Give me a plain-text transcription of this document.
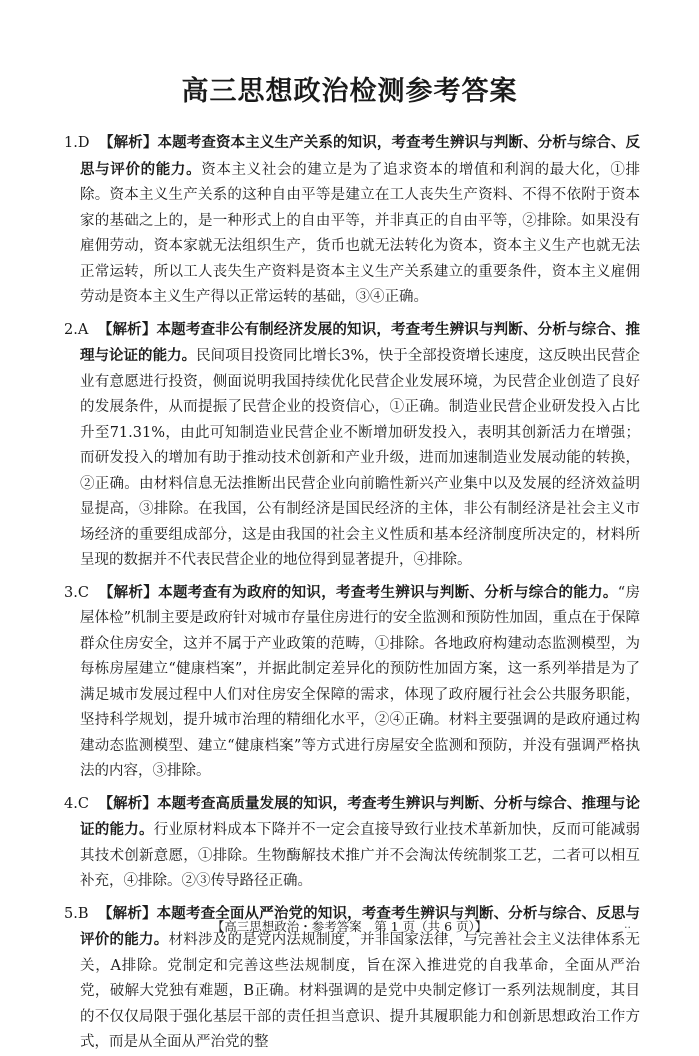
高三思想政治检测参考答案

1.D 【解析】本题考查资本主义生产关系的知识，考查考生辨识与判断、分析与综合、反思与评价的能力。资本主义社会的建立是为了追求资本的增值和利润的最大化，①排除。资本主义生产关系的这种自由平等是建立在工人丧失生产资料、不得不依附于资本家的基础之上的，是一种形式上的自由平等，并非真正的自由平等，②排除。如果没有雇佣劳动，资本家就无法组织生产，货币也就无法转化为资本，资本主义生产也就无法正常运转，所以工人丧失生产资料是资本主义生产关系建立的重要条件，资本主义雇佣劳动是资本主义生产得以正常运转的基础，③④正确。

2.A 【解析】本题考查非公有制经济发展的知识，考查考生辨识与判断、分析与综合、推理与论证的能力。民间项目投资同比增长3%，快于全部投资增长速度，这反映出民营企业有意愿进行投资，侧面说明我国持续优化民营企业发展环境，为民营企业创造了良好的发展条件，从而提振了民营企业的投资信心，①正确。制造业民营企业研发投入占比升至71.31%，由此可知制造业民营企业不断增加研发投入，表明其创新活力在增强；而研发投入的增加有助于推动技术创新和产业升级，进而加速制造业发展动能的转换，②正确。由材料信息无法推断出民营企业向前瞻性新兴产业集中以及发展的经济效益明显提高，③排除。在我国，公有制经济是国民经济的主体，非公有制经济是社会主义市场经济的重要组成部分，这是由我国的社会主义性质和基本经济制度所决定的，材料所呈现的数据并不代表民营企业的地位得到显著提升，④排除。

3.C 【解析】本题考查有为政府的知识，考查考生辨识与判断、分析与综合的能力。“房屋体检”机制主要是政府针对城市存量住房进行的安全监测和预防性加固，重点在于保障群众住房安全，这并不属于产业政策的范畴，①排除。各地政府构建动态监测模型，为每栋房屋建立“健康档案”，并据此制定差异化的预防性加固方案，这一系列举措是为了满足城市发展过程中人们对住房安全保障的需求，体现了政府履行社会公共服务职能，坚持科学规划，提升城市治理的精细化水平，②④正确。材料主要强调的是政府通过构建动态监测模型、建立“健康档案”等方式进行房屋安全监测和预防，并没有强调严格执法的内容，③排除。

4.C 【解析】本题考查高质量发展的知识，考查考生辨识与判断、分析与综合、推理与论证的能力。行业原材料成本下降并不一定会直接导致行业技术革新加快，反而可能减弱其技术创新意愿，①排除。生物酶解技术推广并不会淘汰传统制浆工艺，二者可以相互补充，④排除。②③传导路径正确。

5.B 【解析】本题考查全面从严治党的知识，考查考生辨识与判断、分析与综合、反思与评价的能力。材料涉及的是党内法规制度，并非国家法律，与完善社会主义法律体系无关，A排除。党制定和完善这些法规制度，旨在深入推进党的自我革命，全面从严治党，破解大党独有难题，B正确。材料强调的是党中央制定修订一系列法规制度，其目的不仅仅局限于强化基层干部的责任担当意识、提升其履职能力和创新思想政治工作方式，而是从全面从严治党的整

【高三思想政治・参考答案　第 1 页（共 6 页）】	..
